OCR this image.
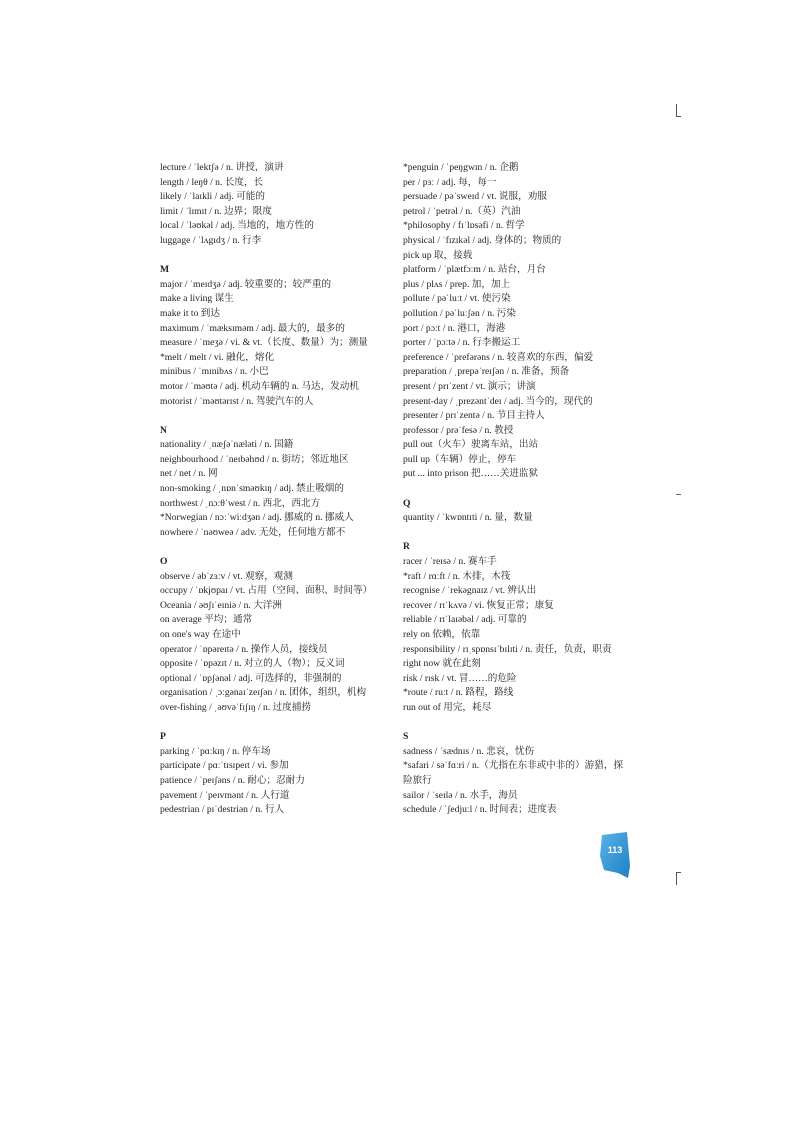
lecture / ˈlektʃə / n. 讲授，演讲
length / leŋθ / n. 长度，长
likely / ˈlaɪkli / adj. 可能的
limit / ˈlɪmɪt / n. 边界；限度
local / ˈləʊkəl / adj. 当地的，地方性的
luggage / ˈlʌgɪdʒ / n. 行李
M
major / ˈmeɪdʒə / adj. 较重要的；较严重的
make a living 谋生
make it to 到达
maximum / ˈmæksɪməm / adj. 最大的，最多的
measure / ˈmeʒə / vi. & vt.（长度、数量）为；测量
*melt / melt / vi. 融化，熔化
minibus / ˈmɪnibʌs / n. 小巴
motor / ˈməʊtə / adj. 机动车辆的 n. 马达，发动机
motorist / ˈməʊtərɪst / n. 驾驶汽车的人
N
nationality / ˌnæʃəˈnæləti / n. 国籍
neighbourhood / ˈneɪbəhʊd / n. 街坊；邻近地区
net / net / n. 网
non-smoking / ˌnɒnˈsməʊkɪŋ / adj. 禁止吸烟的
northwest / ˌnɔːθˈwest / n. 西北，西北方
*Norwegian / nɔːˈwiːdʒən / adj. 挪威的 n. 挪威人
nowhere / ˈnəʊweə / adv. 无处，任何地方都不
O
observe / əbˈzɜːv / vt. 观察，观测
occupy / ˈɒkjʊpaɪ / vt. 占用（空间、面积、时间等）
Oceania / əʊʃɪˈeɪniə / n. 大洋洲
on average 平均；通常
on one's way 在途中
operator / ˈɒpəreɪtə / n. 操作人员，接线员
opposite / ˈɒpəzɪt / n. 对立的人（物）；反义词
optional / ˈɒpʃənəl / adj. 可选择的，非强制的
organisation / ˌɔːgənaɪˈzeɪʃən / n. 团体，组织，机构
over-fishing / ˌəʊvəˈfɪʃɪŋ / n. 过度捕捞
P
parking / ˈpɑːkɪŋ / n. 停车场
participate / pɑːˈtɪsɪpeɪt / vi. 参加
patience / ˈpeɪʃəns / n. 耐心；忍耐力
pavement / ˈpeɪvmənt / n. 人行道
pedestrian / pɪˈdestriən / n. 行人
*penguin / ˈpeŋgwɪn / n. 企鹅
per / pɜː / adj. 每，每一
persuade / pəˈsweɪd / vt. 说服，劝服
petrol / ˈpetrəl / n.（英）汽油
*philosophy / fɪˈlɒsəfi / n. 哲学
physical / ˈfɪzɪkəl / adj. 身体的；物质的
pick up 取，接载
platform / ˈplætfɔːm / n. 站台，月台
plus / plʌs / prep. 加，加上
pollute / pəˈluːt / vt. 使污染
pollution / pəˈluːʃən / n. 污染
port / pɔːt / n. 港口，海港
porter / ˈpɔːtə / n. 行李搬运工
preference / ˈprefərəns / n. 较喜欢的东西，偏爱
preparation / ˌprepəˈreɪʃən / n. 准备，预备
present / prɪˈzent / vt. 演示；讲演
present-day / ˌprezəntˈdeɪ / adj. 当今的，现代的
presenter / prɪˈzentə / n. 节目主持人
professor / prəˈfesə / n. 教授
pull out（火车）驶离车站，出站
pull up（车辆）停止，停车
put ... into prison 把……关进监狱
Q
quantity / ˈkwɒntɪti / n. 量，数量
R
racer / ˈreɪsə / n. 赛车手
*raft / rɑːft / n. 木排，木筏
recognise / ˈrekəgnaɪz / vt. 辨认出
recover / rɪˈkʌvə / vi. 恢复正常；康复
reliable / rɪˈlaɪəbəl / adj. 可靠的
rely on 依赖，依靠
responsibility / rɪˌspɒnsɪˈbɪlɪti / n. 责任，负责，职责
right now 就在此刻
risk / rɪsk / vt. 冒……的危险
*route / ruːt / n. 路程，路线
run out of 用完，耗尽
S
sadness / ˈsædnɪs / n. 悲哀，忧伤
*safari / səˈfɑːri / n.（尤指在东非或中非的）游猎，探险旅行
sailor / ˈseɪlə / n. 水手，海员
schedule / ˈʃedjuːl / n. 时间表；进度表
113
